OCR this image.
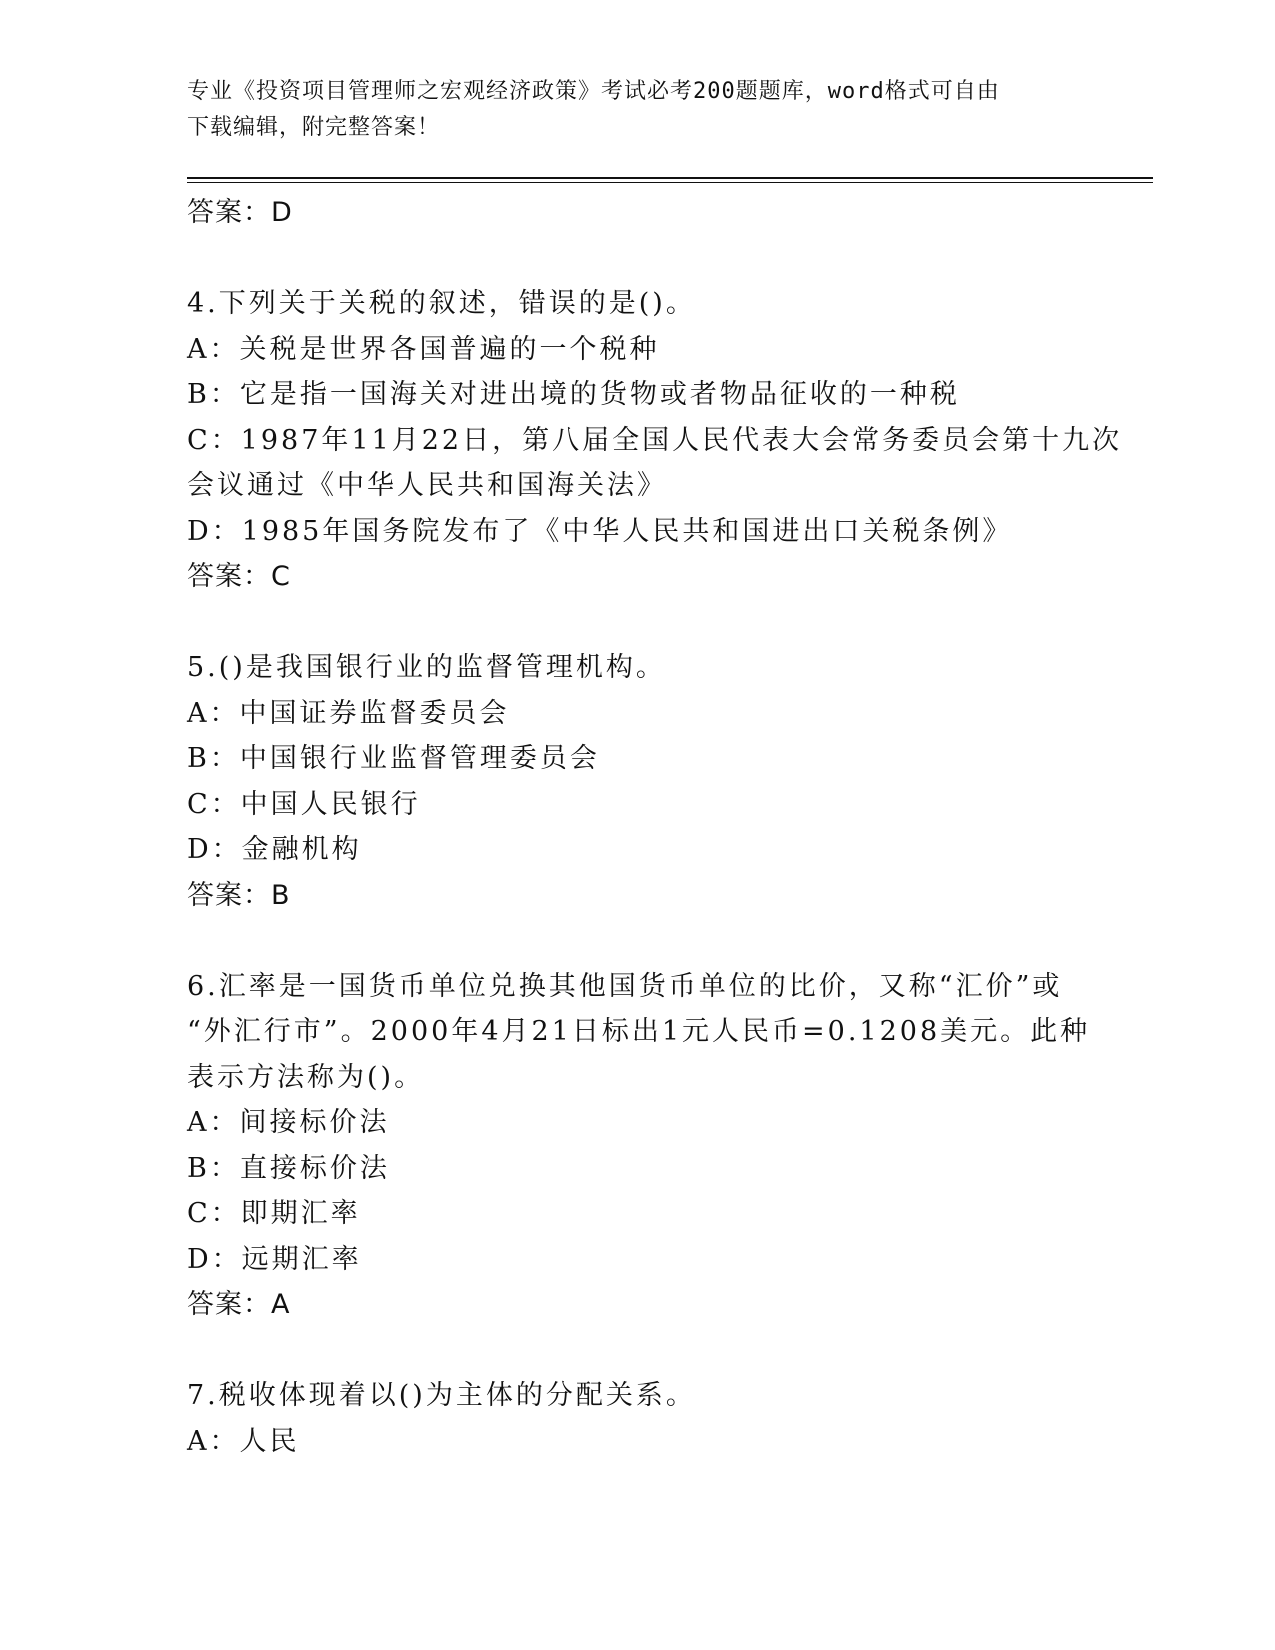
专业《投资项目管理师之宏观经济政策》考试必考200题题库，word格式可自由
下载编辑，附完整答案！
答案：D
4.下列关于关税的叙述，错误的是()。
A：关税是世界各国普遍的一个税种
B：它是指一国海关对进出境的货物或者物品征收的一种税
C：1987年11月22日，第八届全国人民代表大会常务委员会第十九次
会议通过《中华人民共和国海关法》
D：1985年国务院发布了《中华人民共和国进出口关税条例》
答案：C
5.()是我国银行业的监督管理机构。
A：中国证券监督委员会
B：中国银行业监督管理委员会
C：中国人民银行
D：金融机构
答案：B
6.汇率是一国货币单位兑换其他国货币单位的比价，又称“汇价”或
“外汇行市”。2000年4月21日标出1元人民币=0.1208美元。此种
表示方法称为()。
A：间接标价法
B：直接标价法
C：即期汇率
D：远期汇率
答案：A
7.税收体现着以()为主体的分配关系。
A：人民
